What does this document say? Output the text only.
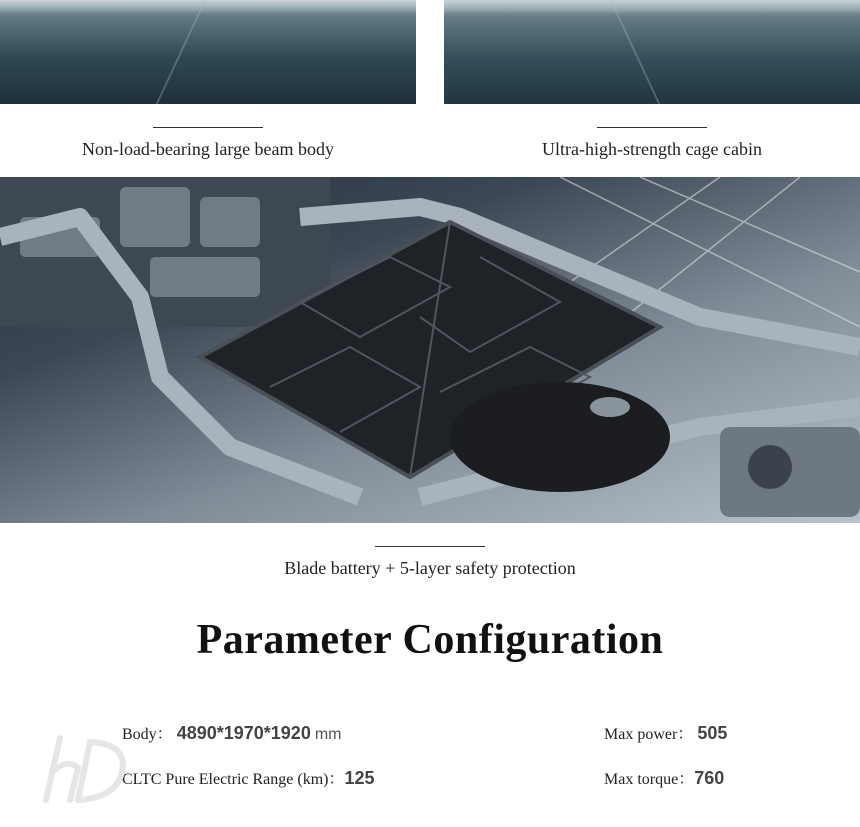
Non-load-bearing large beam body	Ultra-high-strength cage cabin
Blade battery + 5-layer safety protection
Parameter Configuration
Body： 4890*1970*1920 mm
CLTC Pure Electric Range (km)：125
Max power： 505
Max torque：760
